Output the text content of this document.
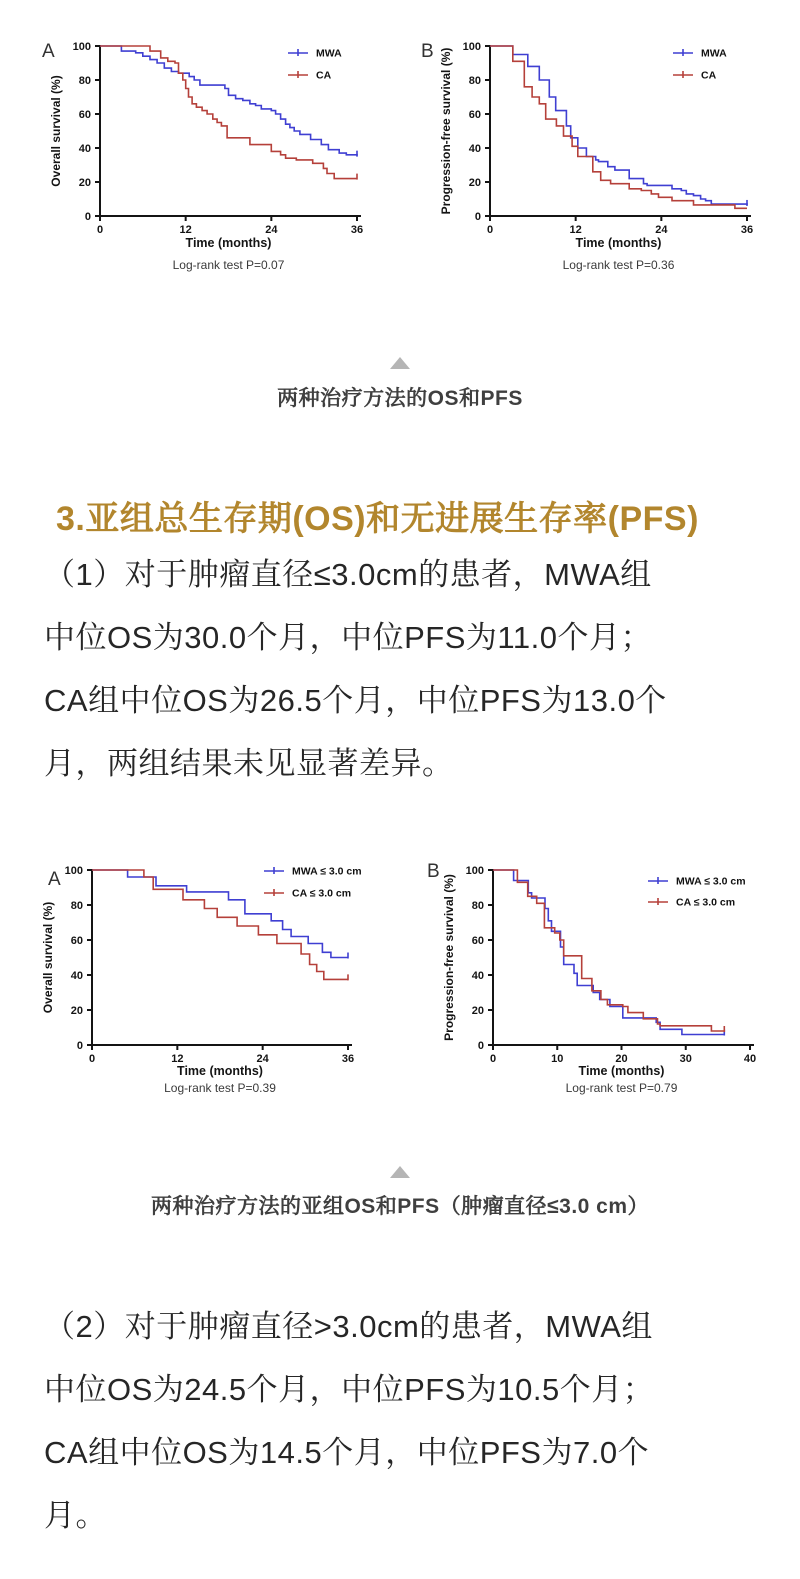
0
20
40
60
80
100
0	12	24	36
Overall survival (%)
Time (months)
Log-rank test P=0.07
A	MWA
CA
0
20
40
60
80
100
0	12	24	36
Progression-free survival (%)
Time (months)
Log-rank test P=0.36
B	MWA
CA
两种治疗方法的OS和PFS
3.亚组总生存期(OS)和无进展生存率(PFS)
（1）对于肿瘤直径≤3.0cm的患者，MWA组
中位OS为30.0个月，中位PFS为11.0个月；
CA组中位OS为26.5个月，中位PFS为13.0个
月，两组结果未见显著差异。
0
20
40
60
80
100
0	12	24	36
Overall survival (%)
Time (months)
Log-rank test P=0.39
A	MWA ≤ 3.0 cm
CA ≤ 3.0 cm
0
20
40
60
80
100
0	10	20	30	40
Progression-free survival (%)
Time (months)
Log-rank test P=0.79
B	MWA ≤ 3.0 cm
CA ≤ 3.0 cm
两种治疗方法的亚组OS和PFS（肿瘤直径≤3.0 cm）
（2）对于肿瘤直径>3.0cm的患者，MWA组
中位OS为24.5个月，中位PFS为10.5个月；
CA组中位OS为14.5个月，中位PFS为7.0个
月。
